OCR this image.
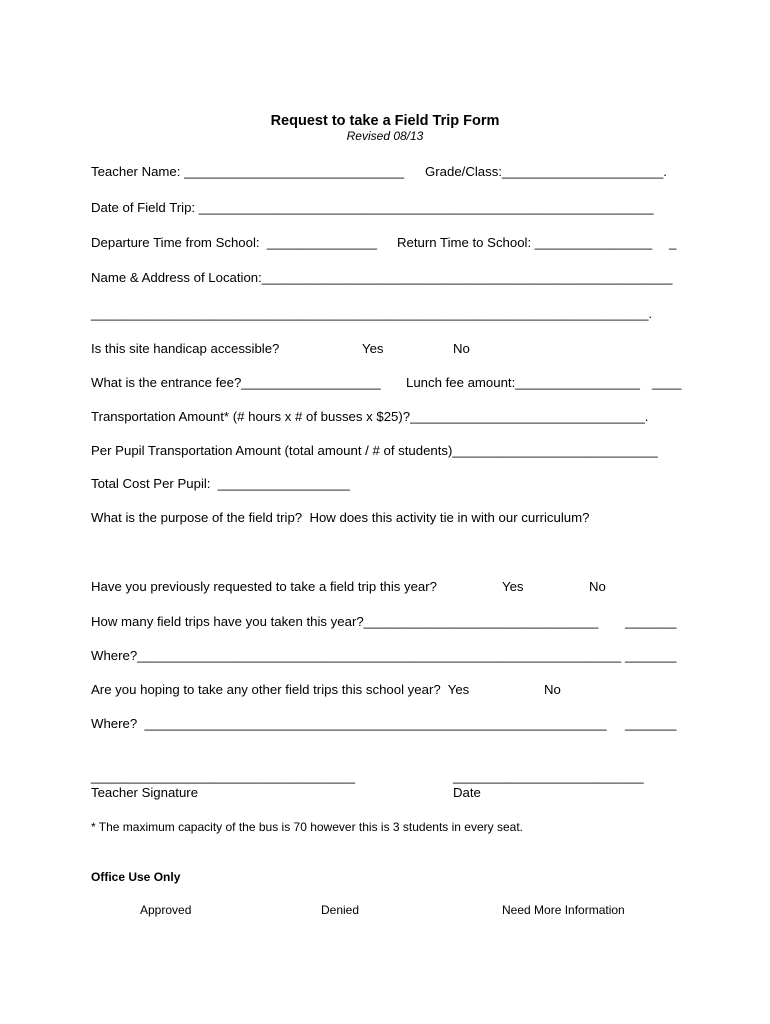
Request to take a Field Trip Form
Revised 08/13
Teacher Name: ______________________________ Grade/Class:______________________.
Date of Field Trip: ______________________________________________________________
Departure Time from School:  _______________ Return Time to School: ________________ _
Name & Address of Location:________________________________________________________
____________________________________________________________________________.
Is this site handicap accessible?	Yes	No
What is the entrance fee?___________________ Lunch fee amount:_________________ ____
Transportation Amount* (# hours x # of busses x $25)?________________________________.
Per Pupil Transportation Amount (total amount / # of students)____________________________
Total Cost Per Pupil:  __________________
What is the purpose of the field trip?  How does this activity tie in with our curriculum?
Have you previously requested to take a field trip this year?	Yes	No
How many field trips have you taken this year?________________________________ _______
Where?__________________________________________________________________ _______
Are you hoping to take any other field trips this school year?  Yes	No
Where?  _______________________________________________________________ _______
____________________________________
Teacher Signature
__________________________
Date
* The maximum capacity of the bus is 70 however this is 3 students in every seat.
Office Use Only
Approved	Denied	Need More Information
